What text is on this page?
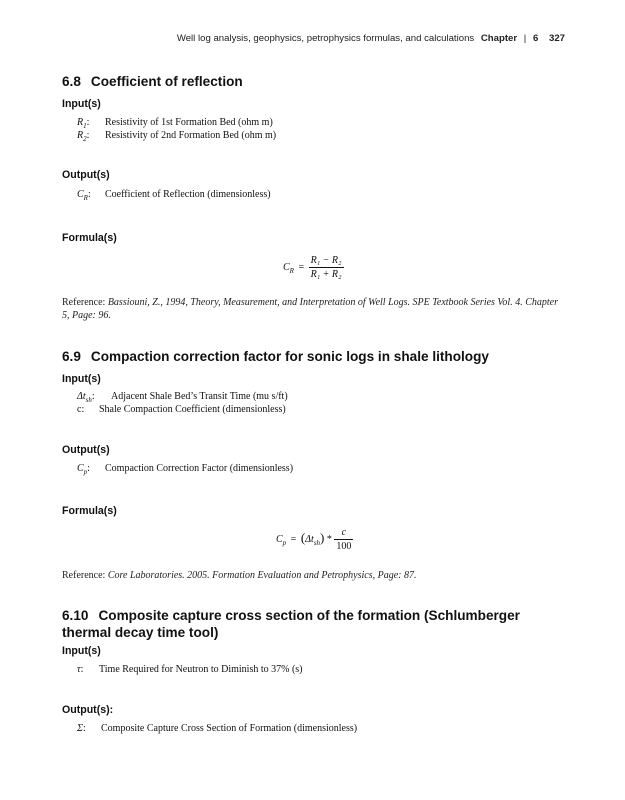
Well log analysis, geophysics, petrophysics formulas, and calculations Chapter | 6 327
6.8 Coefficient of reflection
Input(s)
$R_1$: Resistivity of 1st Formation Bed (ohm m)
$R_2$: Resistivity of 2nd Formation Bed (ohm m)
Output(s)
$C_R$: Coefficient of Reflection (dimensionless)
Formula(s)
$C_R = \frac{\text{R₁ − R₂}}{\text{R₁ + R₂}}$
Reference: Bassiouni, Z., 1994, Theory, Measurement, and Interpretation of Well Logs. SPE Textbook Series Vol. 4. Chapter 5, Page: 96.
6.9 Compaction correction factor for sonic logs in shale lithology
Input(s)
$\Delta t_{sh}$: Adjacent Shale Bed’s Transit Time (mu s/ft)
c: Shale Compaction Coefficient (dimensionless)
Output(s)
$C_p$: Compaction Correction Factor (dimensionless)
Formula(s)
$C_p = (\Delta t_{sh}) * \frac{c}{100}$
Reference: Core Laboratories. 2005. Formation Evaluation and Petrophysics, Page: 87.
6.10 Composite capture cross section of the formation (Schlumberger thermal decay time tool)
Input(s)
τ: Time Required for Neutron to Diminish to 37% (s)
Output(s):
Σ: Composite Capture Cross Section of Formation (dimensionless)
